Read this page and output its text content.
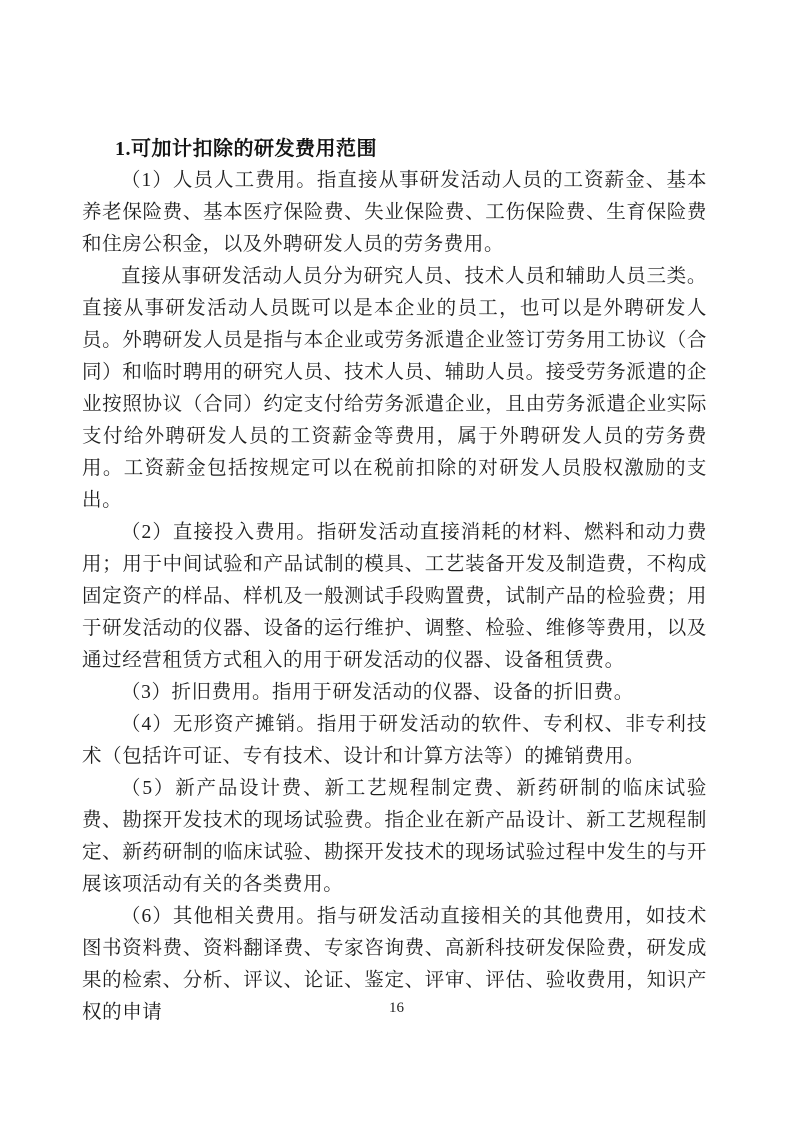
1.可加计扣除的研发费用范围

（1）人员人工费用。指直接从事研发活动人员的工资薪金、基本养老保险费、基本医疗保险费、失业保险费、工伤保险费、生育保险费和住房公积金，以及外聘研发人员的劳务费用。

直接从事研发活动人员分为研究人员、技术人员和辅助人员三类。直接从事研发活动人员既可以是本企业的员工，也可以是外聘研发人员。外聘研发人员是指与本企业或劳务派遣企业签订劳务用工协议（合同）和临时聘用的研究人员、技术人员、辅助人员。接受劳务派遣的企业按照协议（合同）约定支付给劳务派遣企业，且由劳务派遣企业实际支付给外聘研发人员的工资薪金等费用，属于外聘研发人员的劳务费用。工资薪金包括按规定可以在税前扣除的对研发人员股权激励的支出。

（2）直接投入费用。指研发活动直接消耗的材料、燃料和动力费用；用于中间试验和产品试制的模具、工艺装备开发及制造费，不构成固定资产的样品、样机及一般测试手段购置费，试制产品的检验费；用于研发活动的仪器、设备的运行维护、调整、检验、维修等费用，以及通过经营租赁方式租入的用于研发活动的仪器、设备租赁费。

（3）折旧费用。指用于研发活动的仪器、设备的折旧费。

（4）无形资产摊销。指用于研发活动的软件、专利权、非专利技术（包括许可证、专有技术、设计和计算方法等）的摊销费用。

（5）新产品设计费、新工艺规程制定费、新药研制的临床试验费、勘探开发技术的现场试验费。指企业在新产品设计、新工艺规程制定、新药研制的临床试验、勘探开发技术的现场试验过程中发生的与开展该项活动有关的各类费用。

（6）其他相关费用。指与研发活动直接相关的其他费用，如技术图书资料费、资料翻译费、专家咨询费、高新科技研发保险费，研发成果的检索、分析、评议、论证、鉴定、评审、评估、验收费用，知识产权的申请	16
